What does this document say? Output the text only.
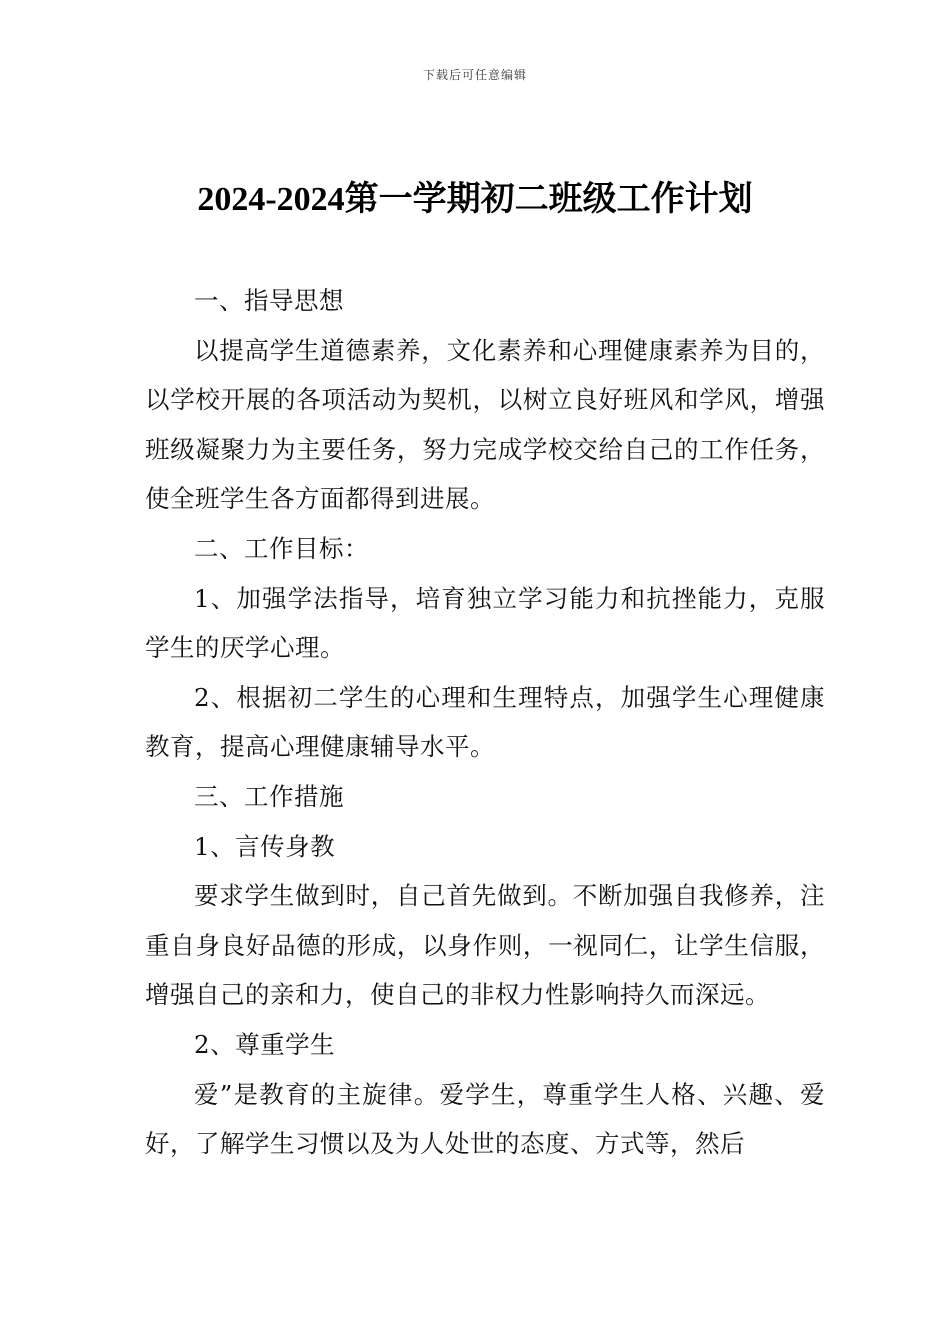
下载后可任意编辑
2024-2024第一学期初二班级工作计划

一、指导思想

以提高学生道德素养，文化素养和心理健康素养为目的，以学校开展的各项活动为契机，以树立良好班风和学风，增强班级凝聚力为主要任务，努力完成学校交给自己的工作任务，使全班学生各方面都得到进展。

二、工作目标：

1、加强学法指导，培育独立学习能力和抗挫能力，克服学生的厌学心理。

2、根据初二学生的心理和生理特点，加强学生心理健康教育，提高心理健康辅导水平。

三、工作措施

1、言传身教

要求学生做到时，自己首先做到。不断加强自我修养，注重自身良好品德的形成，以身作则，一视同仁，让学生信服，增强自己的亲和力，使自己的非权力性影响持久而深远。

2、尊重学生

爱”是教育的主旋律。爱学生，尊重学生人格、兴趣、爱好，了解学生习惯以及为人处世的态度、方式等，然后
